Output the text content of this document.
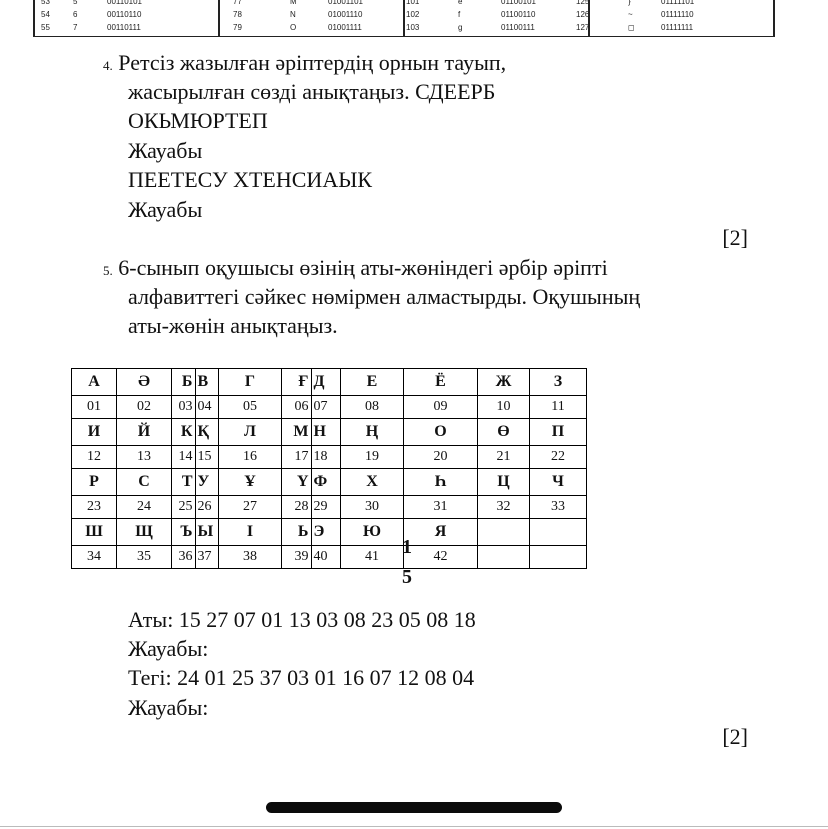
53	5	00110101	77	M	01001101	101	e	01100101	125	}	01111101
54	6	00110110	78	N	01001110	102	f	01100110	126	~	01111110
55	7	00110111	79	O	01001111	103	g	01100111	127	◻	01111111
4. Ретсіз жазылған әріптердің орнын тауып,
жасырылған сөзді анықтаңыз. СДЕЕРБ
ОКЬМЮРТЕП
Жауабы
ПЕЕТЕСУ ХТЕНСИАЫК
Жауабы
[2]
5. 6-сынып оқушысы өзінің аты-жөніндегі әрбір әріпті
алфавиттегі сәйкес нөмірмен алмастырды. Оқушының
аты-жөнін анықтаңыз.
А	Ә	Б В	Г	Ғ Д	Е	Ё	Ж	З	
01	02	03 04	05	06 07	08	09	10	11	
И	Й	К Қ	Л	М Н	Ң	О	Ө	П	
12	13	14 15	16	17 18	19	20	21	22	
Р	С	Т У	Ұ	Ү Ф	Х	Һ	Ц	Ч	
23	24	25 26	27	28 29	30	31	32	33	
Ш	Щ	Ъ Ы	І	Ь Э	Ю	Я			
34	35	36 37	38	39 40	41	42			
1
5
Аты: 15 27 07 01 13 03 08 23 05 08 18
Жауабы:
Тегі: 24 01 25 37 03 01 16 07 12 08 04
Жауабы:
[2]
